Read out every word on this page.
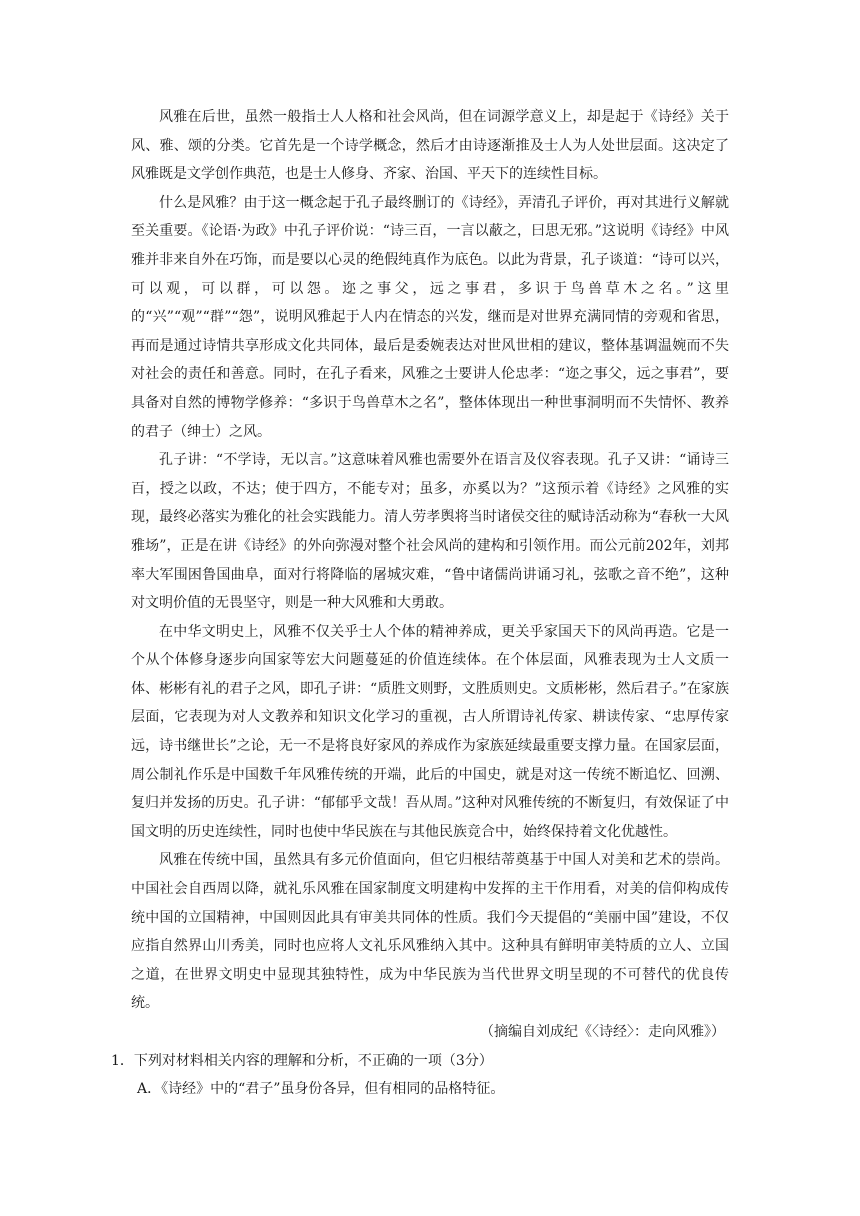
风雅在后世，虽然一般指士人人格和社会风尚，但在词源学意义上，却是起于《诗经》关于风、雅、颂的分类。它首先是一个诗学概念，然后才由诗逐渐推及士人为人处世层面。这决定了风雅既是文学创作典范，也是士人修身、齐家、治国、平天下的连续性目标。

什么是风雅？由于这一概念起于孔子最终删订的《诗经》，弄清孔子评价，再对其进行义解就至关重要。《论语·为政》中孔子评价说：“诗三百，一言以蔽之，曰思无邪。”这说明《诗经》中风雅并非来自外在巧饰，而是要以心灵的绝假纯真作为底色。以此为背景，孔子谈道：“诗可以兴，可以观，可以群，可以怨。迩之事父，远之事君，多识于鸟兽草木之名。”这里的“兴”“观”“群”“怨”，说明风雅起于人内在情态的兴发，继而是对世界充满同情的旁观和省思，再而是通过诗情共享形成文化共同体，最后是委婉表达对世风世相的建议，整体基调温婉而不失对社会的责任和善意。同时，在孔子看来，风雅之士要讲人伦忠孝：“迩之事父，远之事君”，要具备对自然的博物学修养：“多识于鸟兽草木之名”，整体体现出一种世事洞明而不失情怀、教养的君子（绅士）之风。

孔子讲：“不学诗，无以言。”这意味着风雅也需要外在语言及仪容表现。孔子又讲：“诵诗三百，授之以政，不达；使于四方，不能专对；虽多，亦奚以为？”这预示着《诗经》之风雅的实现，最终必落实为雅化的社会实践能力。清人劳孝舆将当时诸侯交往的赋诗活动称为“春秋一大风雅场”，正是在讲《诗经》的外向弥漫对整个社会风尚的建构和引领作用。而公元前202年，刘邦率大军围困鲁国曲阜，面对行将降临的屠城灾难，“鲁中诸儒尚讲诵习礼，弦歌之音不绝”，这种对文明价值的无畏坚守，则是一种大风雅和大勇敢。

在中华文明史上，风雅不仅关乎士人个体的精神养成，更关乎家国天下的风尚再造。它是一个从个体修身逐步向国家等宏大问题蔓延的价值连续体。在个体层面，风雅表现为士人文质一体、彬彬有礼的君子之风，即孔子讲：“质胜文则野，文胜质则史。文质彬彬，然后君子。”在家族层面，它表现为对人文教养和知识文化学习的重视，古人所谓诗礼传家、耕读传家、“忠厚传家远，诗书继世长”之论，无一不是将良好家风的养成作为家族延续最重要支撑力量。在国家层面，周公制礼作乐是中国数千年风雅传统的开端，此后的中国史，就是对这一传统不断追忆、回溯、复归并发扬的历史。孔子讲：“郁郁乎文哉！吾从周。”这种对风雅传统的不断复归，有效保证了中国文明的历史连续性，同时也使中华民族在与其他民族竞合中，始终保持着文化优越性。

风雅在传统中国，虽然具有多元价值面向，但它归根结蒂奠基于中国人对美和艺术的崇尚。中国社会自西周以降，就礼乐风雅在国家制度文明建构中发挥的主干作用看，对美的信仰构成传统中国的立国精神，中国则因此具有审美共同体的性质。我们今天提倡的“美丽中国”建设，不仅应指自然界山川秀美，同时也应将人文礼乐风雅纳入其中。这种具有鲜明审美特质的立人、立国之道，在世界文明史中显现其独特性，成为中华民族为当代世界文明呈现的不可替代的优良传统。

（摘编自刘成纪《〈诗经〉：走向风雅》）

1．下列对材料相关内容的理解和分析，不正确的一项（3分）

A．《诗经》中的“君子”虽身份各异，但有相同的品格特征。
